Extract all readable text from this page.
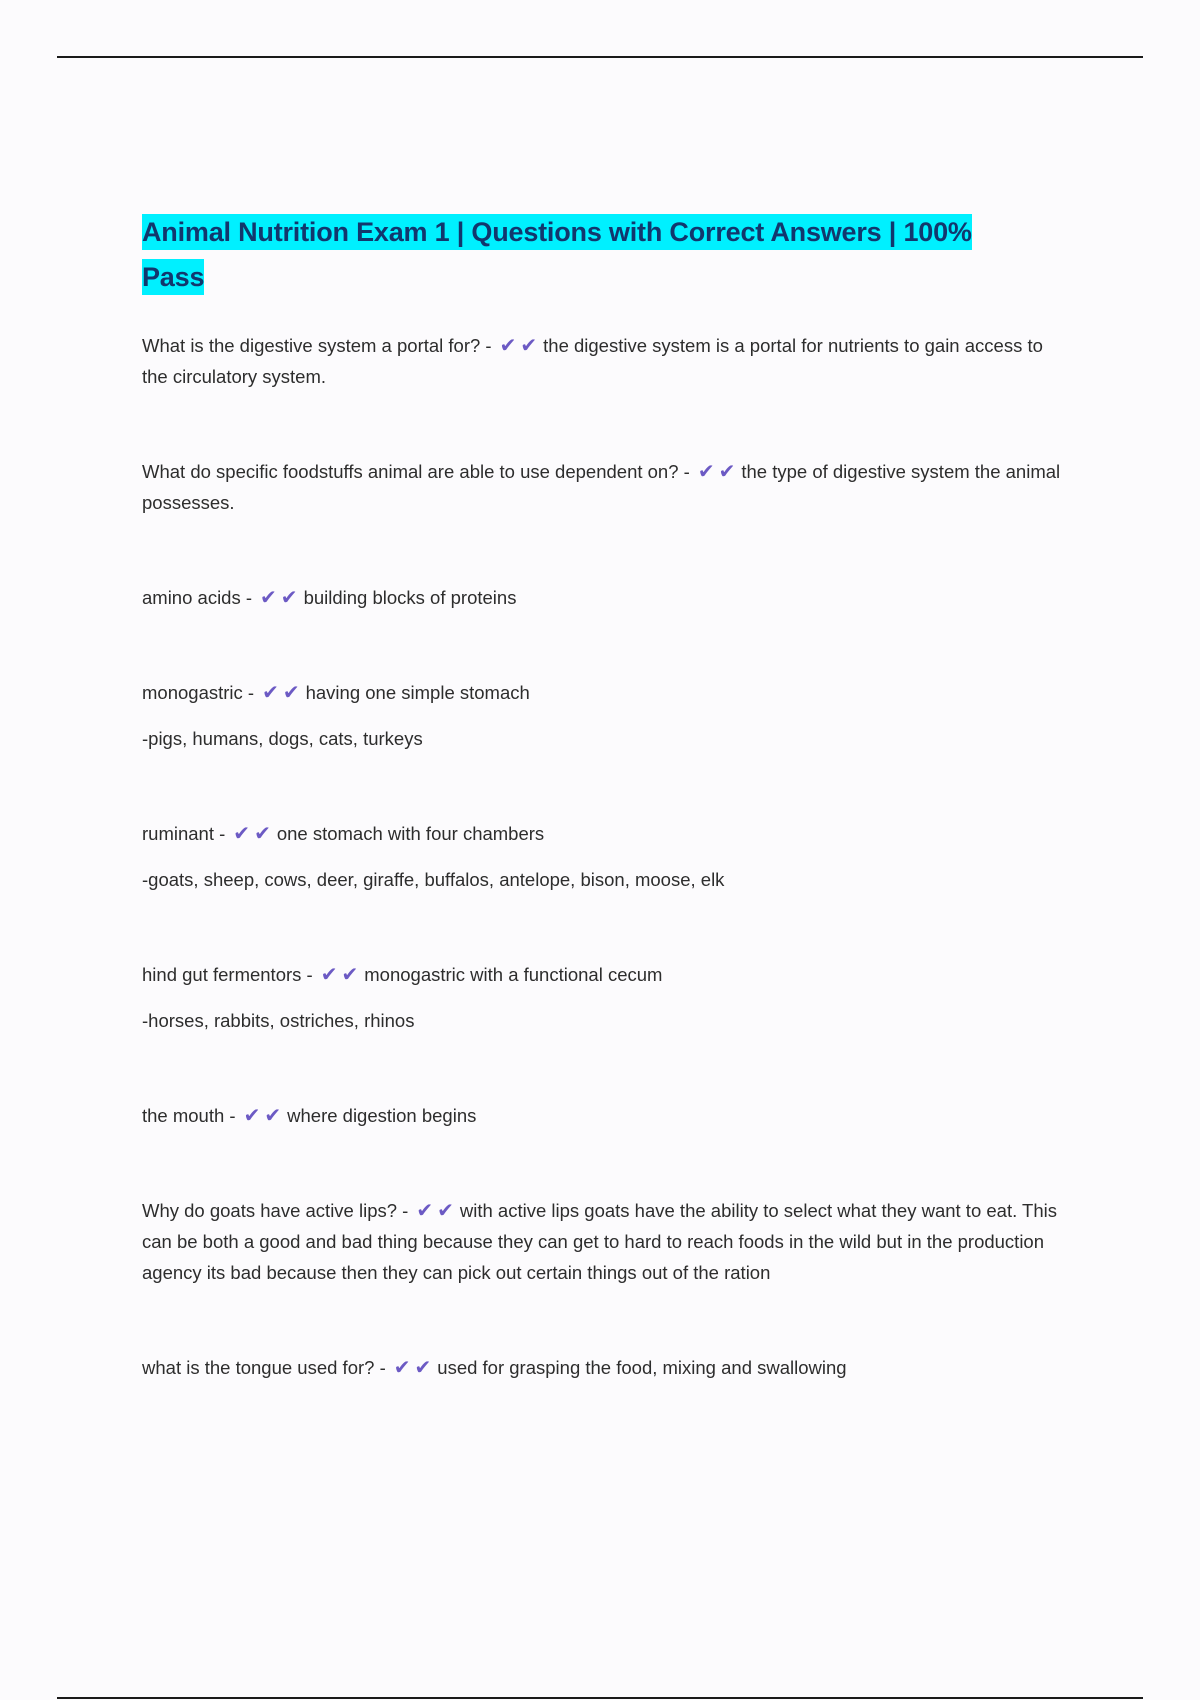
Animal Nutrition Exam 1 | Questions with Correct Answers | 100%
Pass

What is the digestive system a portal for? - ✔ ✔ the digestive system is a portal for nutrients to gain access to the circulatory system.

What do specific foodstuffs animal are able to use dependent on? - ✔ ✔ the type of digestive system the animal possesses.

amino acids - ✔ ✔ building blocks of proteins

monogastric - ✔ ✔ having one simple stomach

-pigs, humans, dogs, cats, turkeys

ruminant - ✔ ✔ one stomach with four chambers

-goats, sheep, cows, deer, giraffe, buffalos, antelope, bison, moose, elk

hind gut fermentors - ✔ ✔ monogastric with a functional cecum

-horses, rabbits, ostriches, rhinos

the mouth - ✔ ✔ where digestion begins

Why do goats have active lips? - ✔ ✔ with active lips goats have the ability to select what they want to eat. This can be both a good and bad thing because they can get to hard to reach foods in the wild but in the production agency its bad because then they can pick out certain things out of the ration

what is the tongue used for? - ✔ ✔ used for grasping the food, mixing and swallowing
